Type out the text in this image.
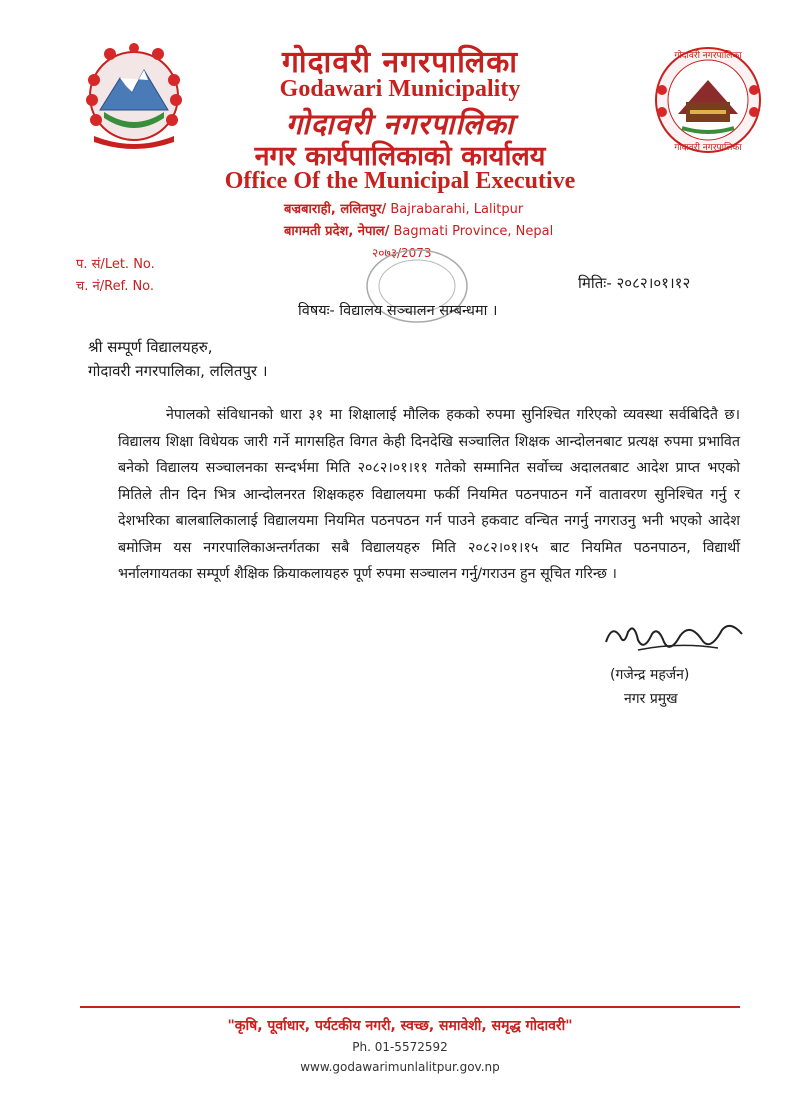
गोदावरी नगरपालिका
गोदावरी नगरपालिका
गोदावरी नगरपालिका
Godawari Municipality
गोदावरी नगरपालिका
नगर कार्यपालिकाको कार्यालय
Office Of the Municipal Executive
बज्रबाराही, ललितपुर/ Bajrabarahi, Lalitpur
बागमती प्रदेश, नेपाल/ Bagmati Province, Nepal
२०७३/2073
प. सं/Let. No.
च. नं/Ref. No.	मितिः- २०८२।०१।१२
विषयः- विद्यालय सञ्चालन सम्बन्धमा ।
श्री सम्पूर्ण विद्यालयहरु,
गोदावरी नगरपालिका, ललितपुर ।
नेपालको संविधानको धारा ३१ मा शिक्षालाई मौलिक हकको रुपमा सुनिश्चित गरिएको व्यवस्था सर्वबिदितै छ। विद्यालय शिक्षा विधेयक जारी गर्ने मागसहित विगत केही दिनदेखि सञ्चालित शिक्षक आन्दोलनबाट प्रत्यक्ष रुपमा प्रभावित बनेको विद्यालय सञ्चालनका सन्दर्भमा मिति २०८२।०१।११ गतेको सम्मानित सर्वोच्च अदालतबाट आदेश प्राप्त भएको मितिले तीन दिन भित्र आन्दोलनरत शिक्षकहरु विद्यालयमा फर्की नियमित पठनपाठन गर्ने वातावरण सुनिश्चित गर्नु र देशभरिका बालबालिकालाई विद्यालयमा नियमित पठनपठन गर्न पाउने हकवाट वन्चित नगर्नु नगराउनु भनी भएको आदेश बमोजिम यस नगरपालिकाअन्तर्गतका सबै विद्यालयहरु मिति २०८२।०१।१५ बाट नियमित पठनपाठन, विद्यार्थी भर्नालगायतका सम्पूर्ण शैक्षिक क्रियाकलायहरु पूर्ण रुपमा सञ्चालन गर्नु/गराउन हुन सूचित गरिन्छ ।
(गजेन्द्र महर्जन)
नगर प्रमुख
"कृषि, पूर्वाधार, पर्यटकीय नगरी, स्वच्छ, समावेशी, समृद्ध गोदावरी"
Ph. 01-5572592
www.godawarimunlalitpur.gov.np
